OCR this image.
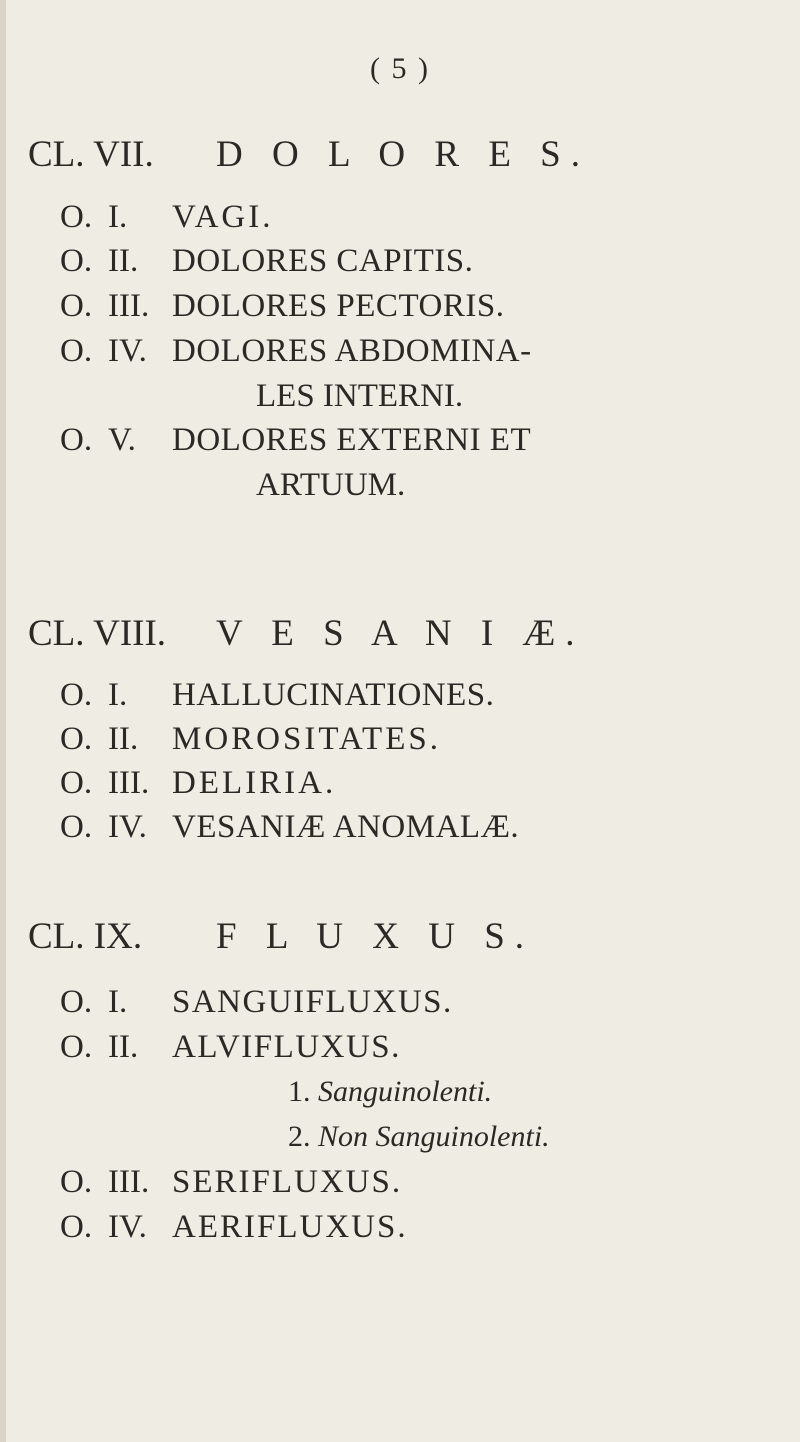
( 5 )
CL. VII. D O L O R E S.
O. I. VAGI.
O. II. DOLORES CAPITIS.
O. III. DOLORES PECTORIS.
O. IV. DOLORES ABDOMINA-
LES INTERNI.
O. V. DOLORES EXTERNI ET
ARTUUM.
CL. VIII. V E S A N I Æ.
O. I. HALLUCINATIONES.
O. II. MOROSITATES.
O. III. DELIRIA.
O. IV. VESANIÆ ANOMALÆ.
CL. IX. F L U X U S.
O. I. SANGUIFLUXUS.
O. II. ALVIFLUXUS.
1. Sanguinolenti.
2. Non Sanguinolenti.
O. III. SERIFLUXUS.
O. IV. AERIFLUXUS.
